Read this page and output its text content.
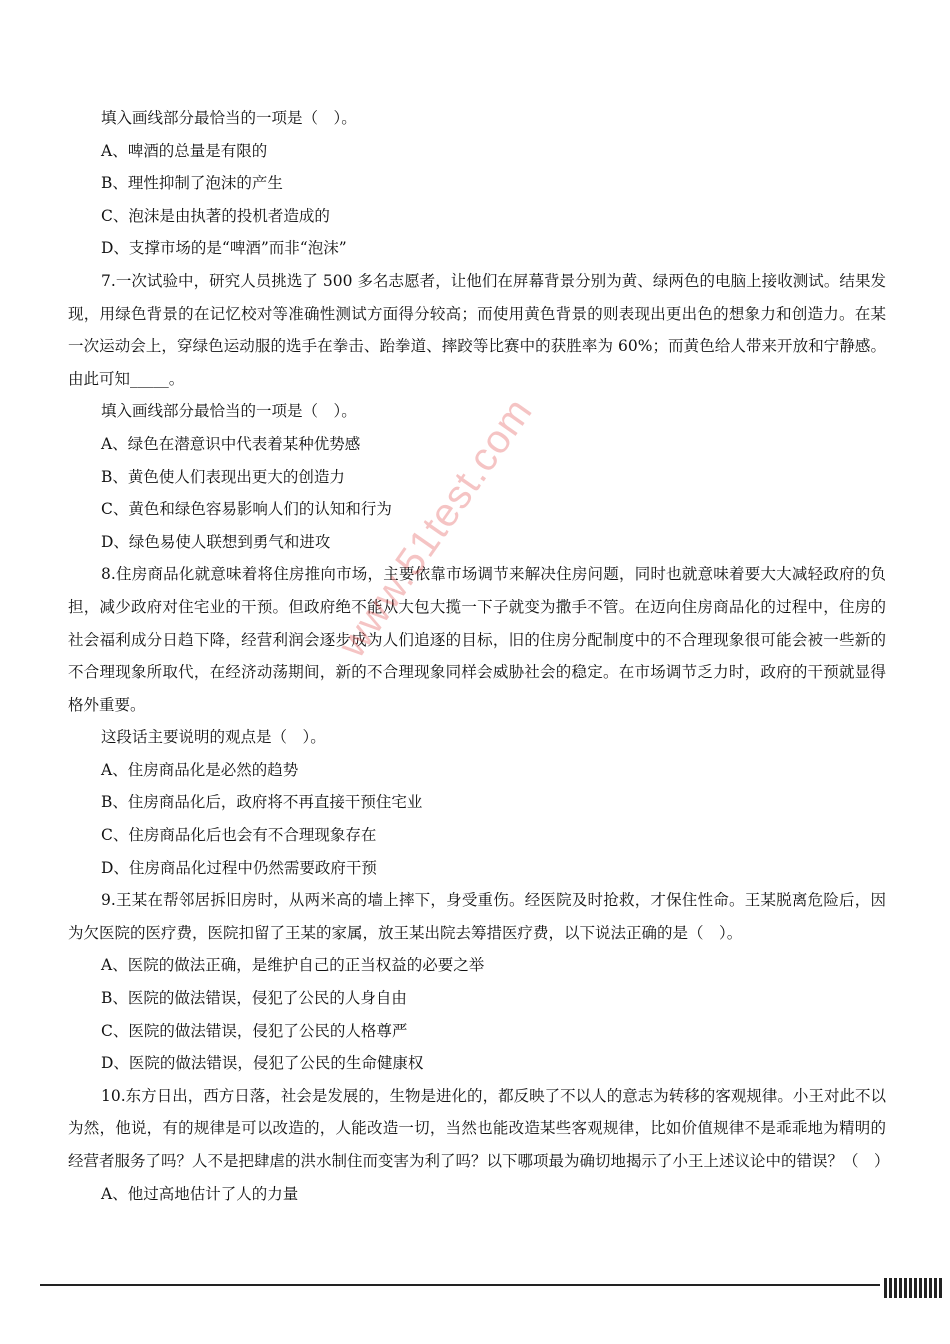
填入画线部分最恰当的一项是（　）。

A、啤酒的总量是有限的

B、理性抑制了泡沫的产生

C、泡沫是由执著的投机者造成的

D、支撑市场的是“啤酒”而非“泡沫”

7.一次试验中，研究人员挑选了 500 多名志愿者，让他们在屏幕背景分别为黄、绿两色的电脑上接收测试。结果发现，用绿色背景的在记忆校对等准确性测试方面得分较高；而使用黄色背景的则表现出更出色的想象力和创造力。在某一次运动会上，穿绿色运动服的选手在拳击、跆拳道、摔跤等比赛中的获胜率为 60%；而黄色给人带来开放和宁静感。由此可知_____。

填入画线部分最恰当的一项是（　）。

A、绿色在潜意识中代表着某种优势感

B、黄色使人们表现出更大的创造力

C、黄色和绿色容易影响人们的认知和行为

D、绿色易使人联想到勇气和进攻

8.住房商品化就意味着将住房推向市场，主要依靠市场调节来解决住房问题，同时也就意味着要大大减轻政府的负担，减少政府对住宅业的干预。但政府绝不能从大包大揽一下子就变为撒手不管。在迈向住房商品化的过程中，住房的社会福利成分日趋下降，经营利润会逐步成为人们追逐的目标，旧的住房分配制度中的不合理现象很可能会被一些新的不合理现象所取代，在经济动荡期间，新的不合理现象同样会威胁社会的稳定。在市场调节乏力时，政府的干预就显得格外重要。

这段话主要说明的观点是（　）。

A、住房商品化是必然的趋势

B、住房商品化后，政府将不再直接干预住宅业

C、住房商品化后也会有不合理现象存在

D、住房商品化过程中仍然需要政府干预

9.王某在帮邻居拆旧房时，从两米高的墙上摔下，身受重伤。经医院及时抢救，才保住性命。王某脱离危险后，因为欠医院的医疗费，医院扣留了王某的家属，放王某出院去筹措医疗费，以下说法正确的是（　）。

A、医院的做法正确，是维护自己的正当权益的必要之举

B、医院的做法错误，侵犯了公民的人身自由

C、医院的做法错误，侵犯了公民的人格尊严

D、医院的做法错误，侵犯了公民的生命健康权

10.东方日出，西方日落，社会是发展的，生物是进化的，都反映了不以人的意志为转移的客观规律。小王对此不以为然，他说，有的规律是可以改造的，人能改造一切，当然也能改造某些客观规律，比如价值规律不是乖乖地为精明的经营者服务了吗？人不是把肆虐的洪水制住而变害为利了吗？以下哪项最为确切地揭示了小王上述议论中的错误？（　）

A、他过高地估计了人的力量

www.51test.com
